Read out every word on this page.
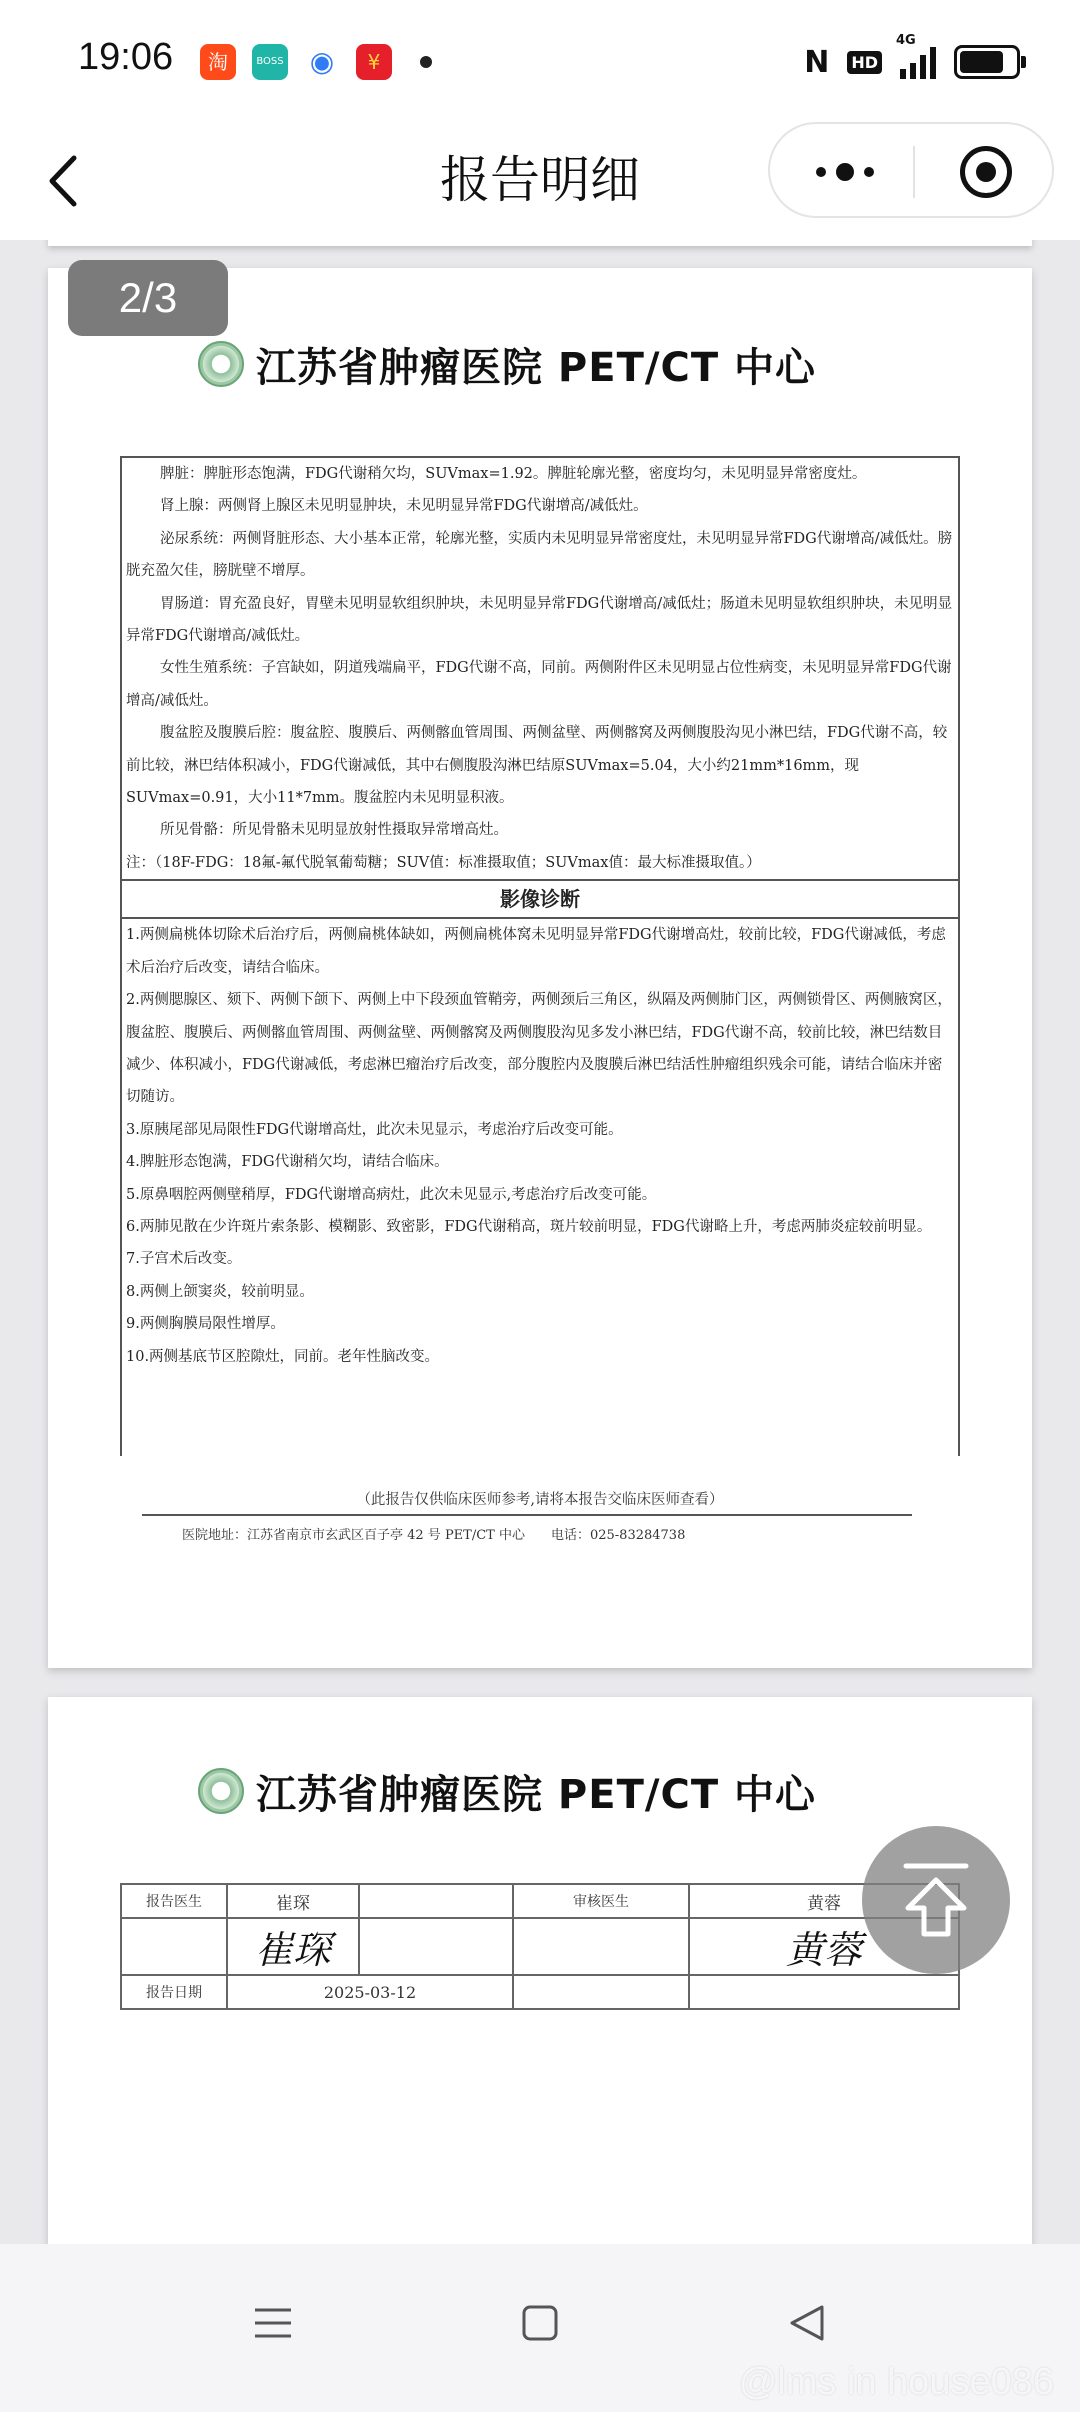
19:06	淘	BOSS ◉	¥	N HD
4G
报告明细
2/3
江苏省肿瘤医院 PET/CT 中心
脾脏：脾脏形态饱满，FDG代谢稍欠均，SUVmax=1.92。脾脏轮廓光整，密度均匀，未见明显异常密度灶。
肾上腺：两侧肾上腺区未见明显肿块，未见明显异常FDG代谢增高/减低灶。
泌尿系统：两侧肾脏形态、大小基本正常，轮廓光整，实质内未见明显异常密度灶，未见明显异常FDG代谢增高/减低灶。膀胱充盈欠佳，膀胱壁不增厚。
胃肠道：胃充盈良好，胃壁未见明显软组织肿块，未见明显异常FDG代谢增高/减低灶；肠道未见明显软组织肿块，未见明显异常FDG代谢增高/减低灶。
女性生殖系统：子宫缺如，阴道残端扁平，FDG代谢不高，同前。两侧附件区未见明显占位性病变，未见明显异常FDG代谢增高/减低灶。
腹盆腔及腹膜后腔：腹盆腔、腹膜后、两侧髂血管周围、两侧盆壁、两侧髂窝及两侧腹股沟见小淋巴结，FDG代谢不高，较前比较，淋巴结体积减小，FDG代谢减低，其中右侧腹股沟淋巴结原SUVmax=5.04，大小约21mm*16mm，现SUVmax=0.91，大小11*7mm。腹盆腔内未见明显积液。
所见骨骼：所见骨骼未见明显放射性摄取异常增高灶。
注：（18F-FDG：18氟-氟代脱氧葡萄糖；SUV值：标准摄取值；SUVmax值：最大标准摄取值。）
影像诊断
1.两侧扁桃体切除术后治疗后，两侧扁桃体缺如，两侧扁桃体窝未见明显异常FDG代谢增高灶，较前比较，FDG代谢减低，考虑术后治疗后改变，请结合临床。
2.两侧腮腺区、颏下、两侧下颌下、两侧上中下段颈血管鞘旁，两侧颈后三角区，纵隔及两侧肺门区，两侧锁骨区、两侧腋窝区，腹盆腔、腹膜后、两侧髂血管周围、两侧盆壁、两侧髂窝及两侧腹股沟见多发小淋巴结，FDG代谢不高，较前比较，淋巴结数目减少、体积减小，FDG代谢减低，考虑淋巴瘤治疗后改变，部分腹腔内及腹膜后淋巴结活性肿瘤组织残余可能，请结合临床并密切随访。
3.原胰尾部见局限性FDG代谢增高灶，此次未见显示，考虑治疗后改变可能。
4.脾脏形态饱满，FDG代谢稍欠均，请结合临床。
5.原鼻咽腔两侧壁稍厚，FDG代谢增高病灶，此次未见显示,考虑治疗后改变可能。
6.两肺见散在少许斑片索条影、模糊影、致密影，FDG代谢稍高，斑片较前明显，FDG代谢略上升，考虑两肺炎症较前明显。
7.子宫术后改变。
8.两侧上颌窦炎，较前明显。
9.两侧胸膜局限性增厚。
10.两侧基底节区腔隙灶，同前。老年性脑改变。
（此报告仅供临床医师参考,请将本报告交临床医师查看）
医院地址：江苏省南京市玄武区百子亭 42 号 PET/CT 中心　　电话：025-83284738
江苏省肿瘤医院 PET/CT 中心
报告医生	崔琛		审核医生	黄蓉
	崔琛			黄蓉
报告日期	2025-03-12			
@lms in house086
